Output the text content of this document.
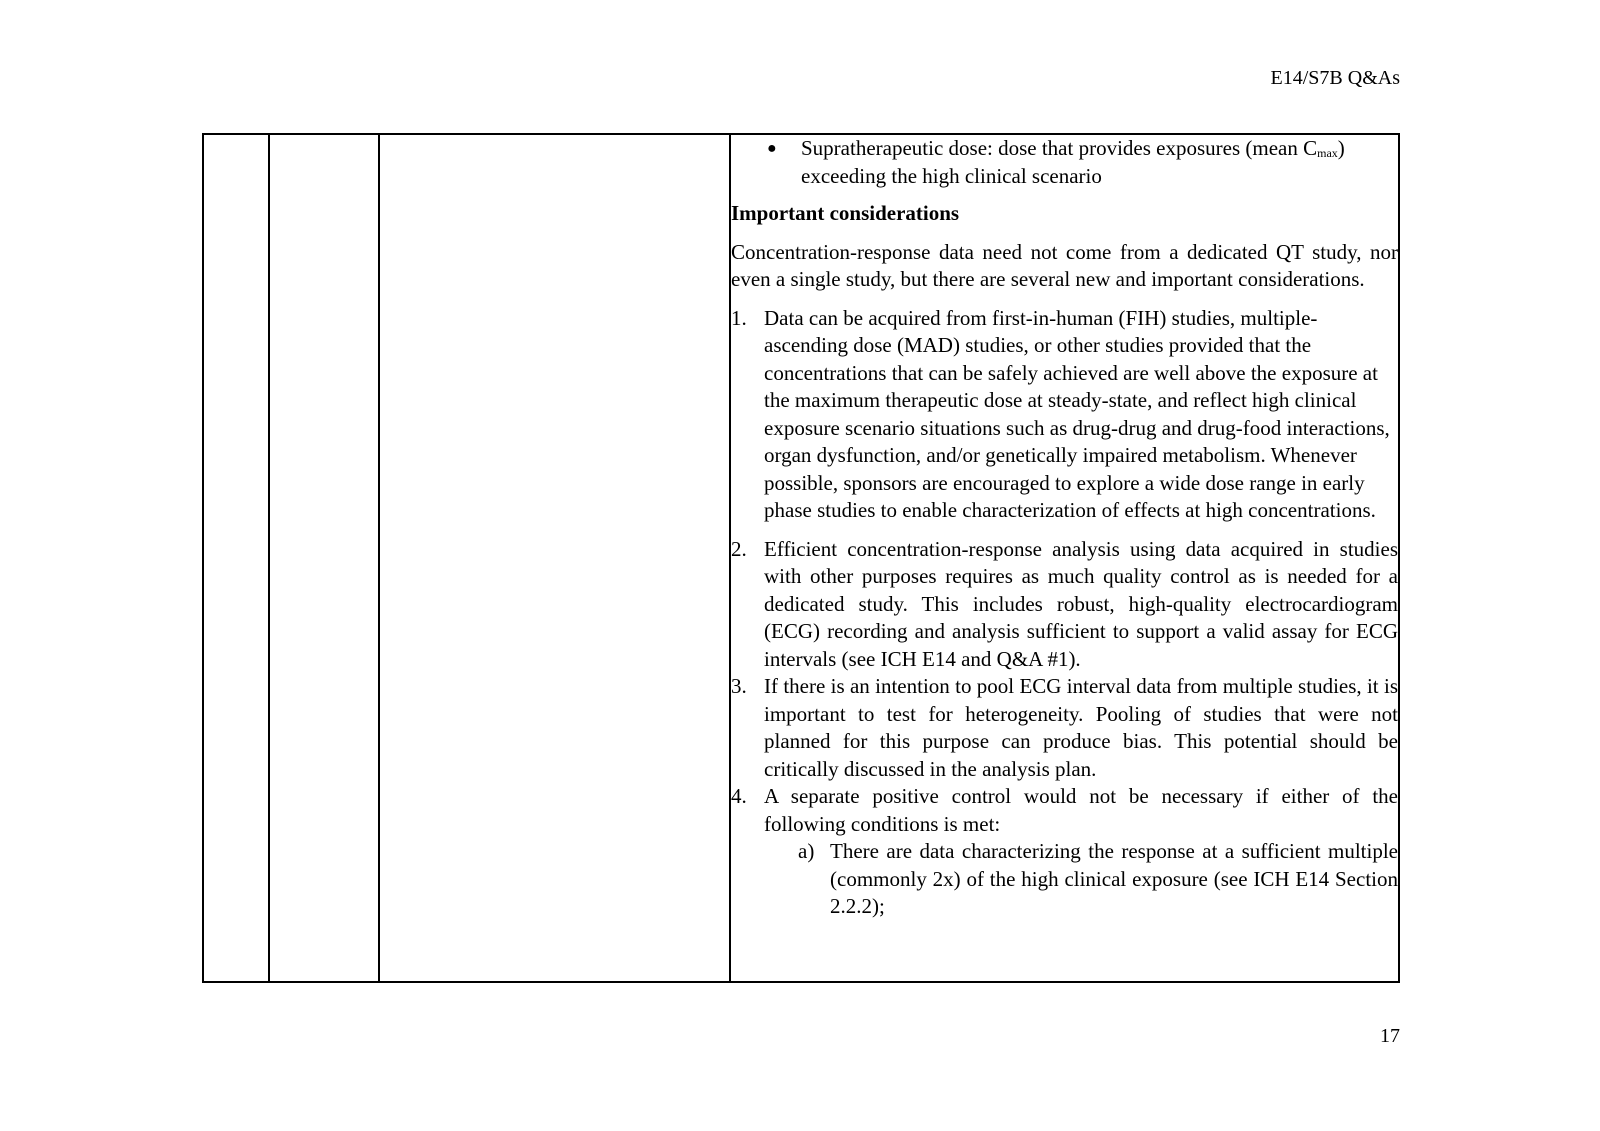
E14/S7B Q&As

●	Supratherapeutic dose: dose that provides exposures (mean $C_{max}$) exceeding the high clinical scenario
Important considerations
Concentration-response data need not come from a dedicated QT study, nor even a single study, but there are several new and important considerations.
1. Data can be acquired from first-in-human (FIH) studies, multiple-ascending dose (MAD) studies, or other studies provided that the concentrations that can be safely achieved are well above the exposure at the maximum therapeutic dose at steady-state, and reflect high clinical exposure scenario situations such as drug-drug and drug-food interactions, organ dysfunction, and/or genetically impaired metabolism. Whenever possible, sponsors are encouraged to explore a wide dose range in early phase studies to enable characterization of effects at high concentrations.
2. Efficient concentration-response analysis using data acquired in studies with other purposes requires as much quality control as is needed for a dedicated study. This includes robust, high-quality electrocardiogram (ECG) recording and analysis sufficient to support a valid assay for ECG intervals (see ICH E14 and Q&A #1).
3. If there is an intention to pool ECG interval data from multiple studies, it is important to test for heterogeneity. Pooling of studies that were not planned for this purpose can produce bias. This potential should be critically discussed in the analysis plan.
4. A separate positive control would not be necessary if either of the following conditions is met:
a) There are data characterizing the response at a sufficient multiple (commonly 2x) of the high clinical exposure (see ICH E14 Section 2.2.2);
17
